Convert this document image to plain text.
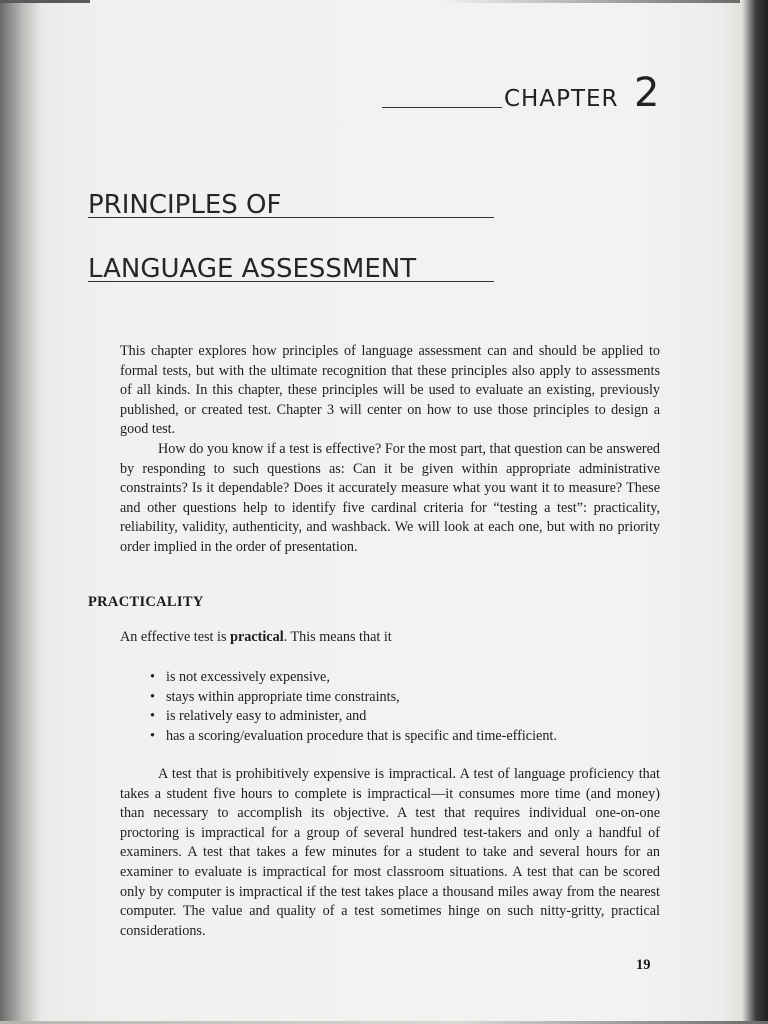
CHAPTER 2
PRINCIPLES OF
LANGUAGE ASSESSMENT

This chapter explores how principles of language assessment can and should be applied to formal tests, but with the ultimate recognition that these principles also apply to assessments of all kinds. In this chapter, these principles will be used to evaluate an existing, previously published, or created test. Chapter 3 will center on how to use those principles to design a good test.

How do you know if a test is effective? For the most part, that question can be answered by responding to such questions as: Can it be given within appropriate administrative constraints? Is it dependable? Does it accurately measure what you want it to measure? These and other questions help to identify five cardinal criteria for “testing a test”: practicality, reliability, validity, authenticity, and washback. We will look at each one, but with no priority order implied in the order of presentation.

PRACTICALITY

An effective test is practical. This means that it

• is not excessively expensive,
• stays within appropriate time constraints,
• is relatively easy to administer, and
• has a scoring/evaluation procedure that is specific and time-efficient.

A test that is prohibitively expensive is impractical. A test of language proficiency that takes a student five hours to complete is impractical—it consumes more time (and money) than necessary to accomplish its objective. A test that requires individual one-on-one proctoring is impractical for a group of several hundred test-takers and only a handful of examiners. A test that takes a few minutes for a student to take and several hours for an examiner to evaluate is impractical for most classroom situations. A test that can be scored only by computer is impractical if the test takes place a thousand miles away from the nearest computer. The value and quality of a test sometimes hinge on such nitty-gritty, practical considerations.

19
